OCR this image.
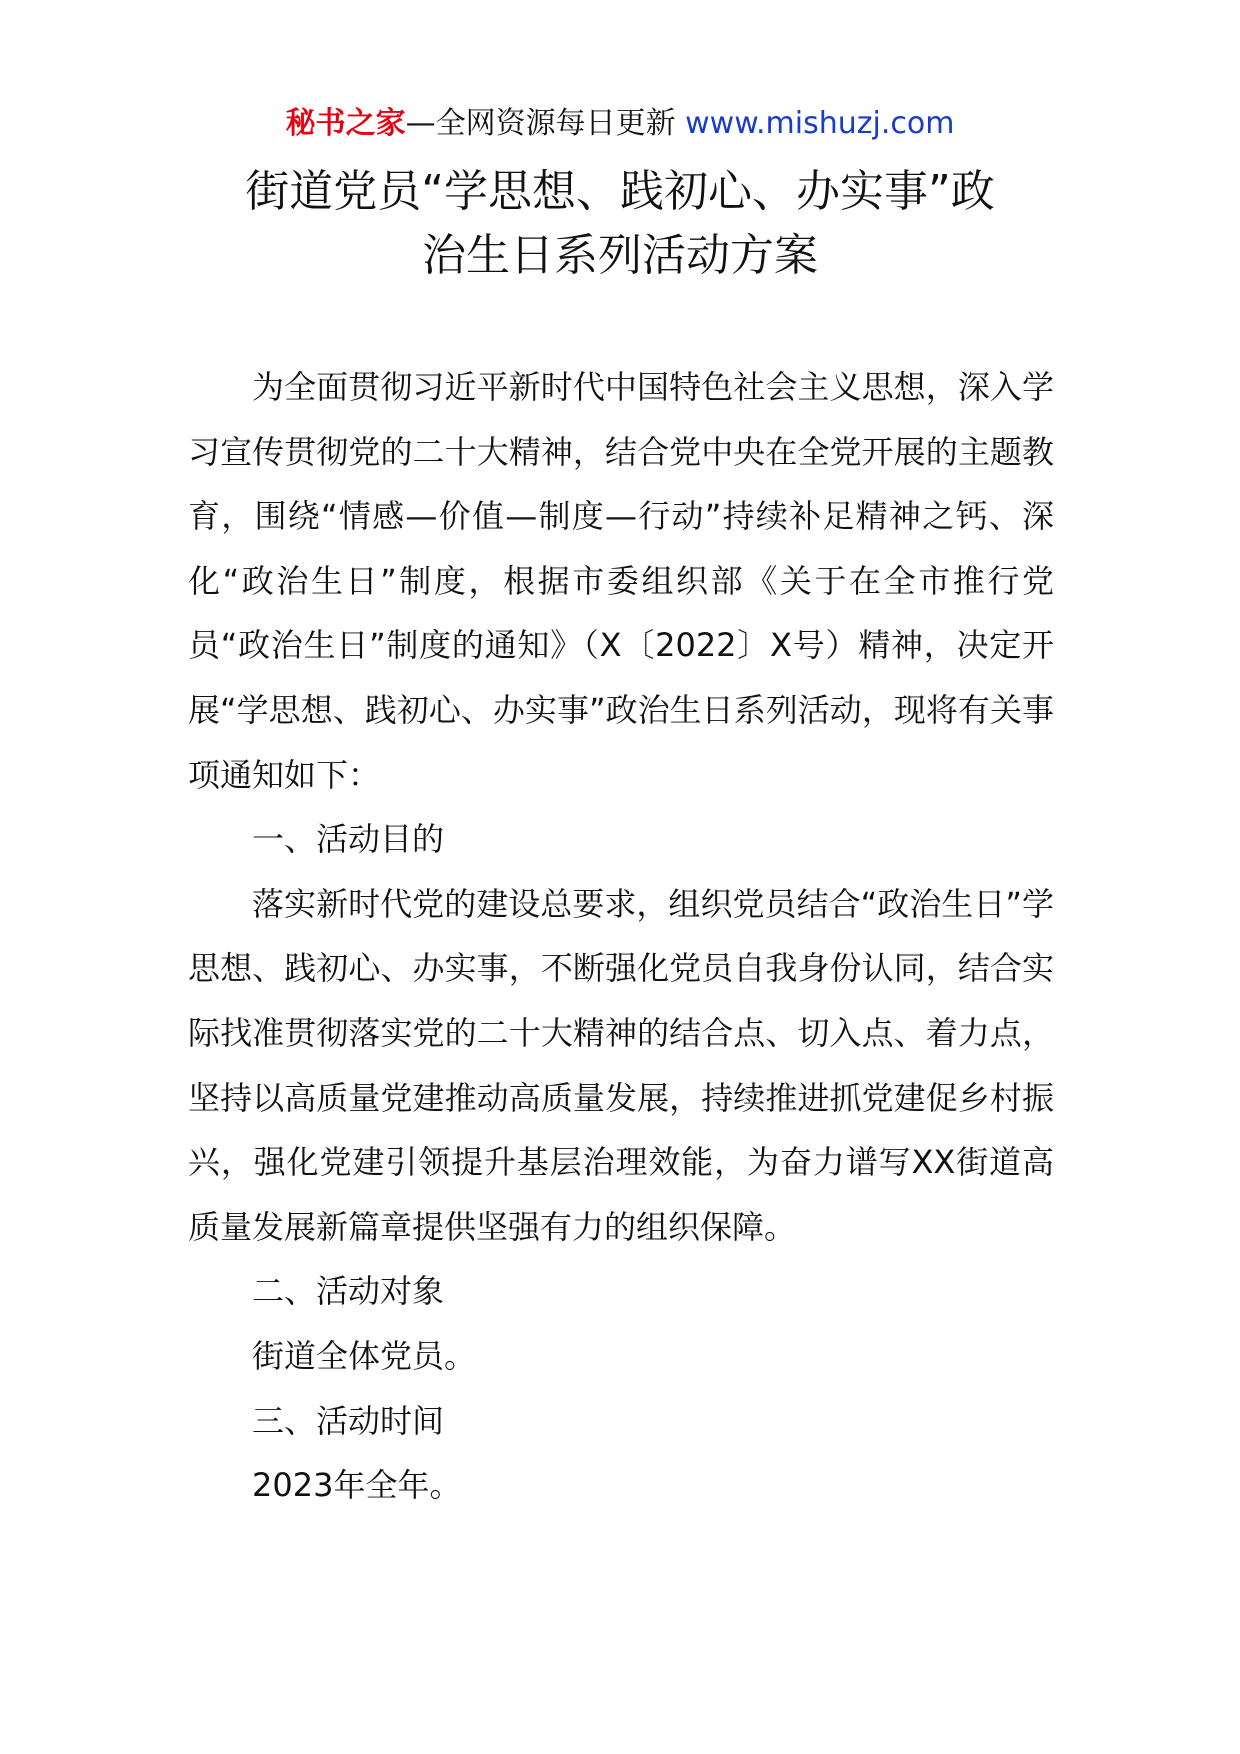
秘书之家—全网资源每日更新 www.mishuzj.com
街道党员“学思想、践初心、办实事”政
治生日系列活动方案

为全面贯彻习近平新时代中国特色社会主义思想，深入学习宣传贯彻党的二十大精神，结合党中央在全党开展的主题教育，围绕“情感—价值—制度—行动”持续补足精神之钙、深化“政治生日”制度，根据市委组织部《关于在全市推行党员“政治生日”制度的通知》（X〔2022〕X号）精神，决定开展“学思想、践初心、办实事”政治生日系列活动，现将有关事项通知如下：

一、活动目的

落实新时代党的建设总要求，组织党员结合“政治生日”学思想、践初心、办实事，不断强化党员自我身份认同，结合实际找准贯彻落实党的二十大精神的结合点、切入点、着力点，坚持以高质量党建推动高质量发展，持续推进抓党建促乡村振兴，强化党建引领提升基层治理效能，为奋力谱写XX街道高质量发展新篇章提供坚强有力的组织保障。

二、活动对象

街道全体党员。

三、活动时间

2023年全年。
